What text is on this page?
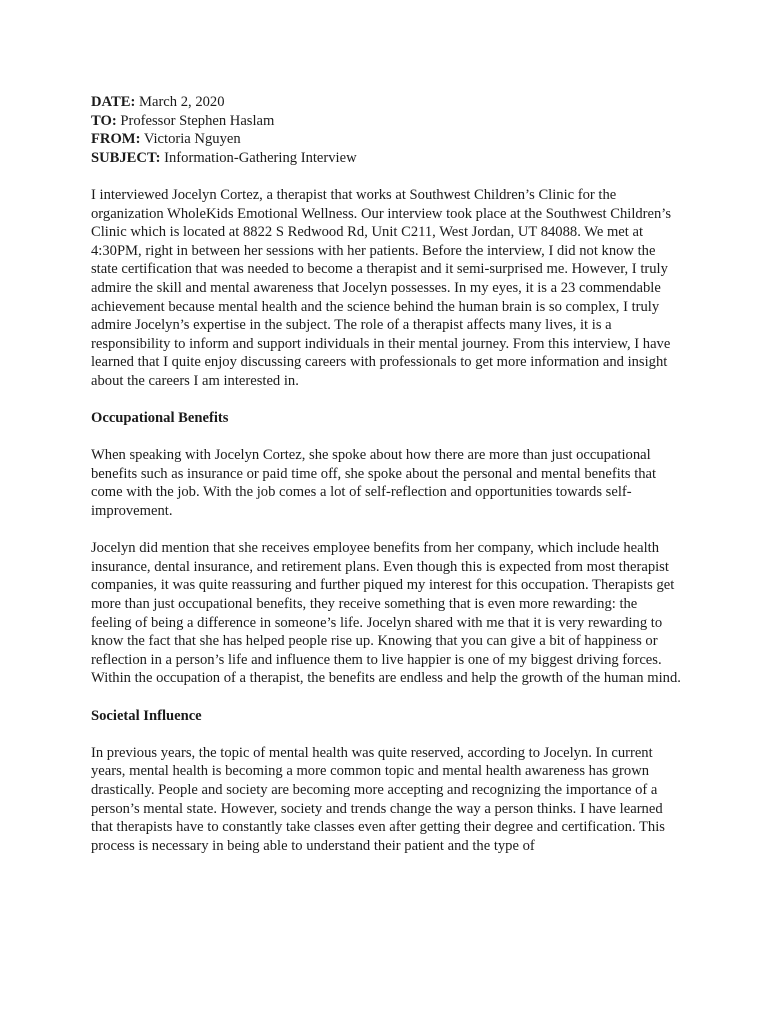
DATE: March 2, 2020
TO: Professor Stephen Haslam
FROM: Victoria Nguyen
SUBJECT: Information-Gathering Interview

I interviewed Jocelyn Cortez, a therapist that works at Southwest Children’s Clinic for the organization WholeKids Emotional Wellness. Our interview took place at the Southwest Children’s Clinic which is located at 8822 S Redwood Rd, Unit C211, West Jordan, UT 84088. We met at 4:30PM, right in between her sessions with her patients. Before the interview, I did not know the state certification that was needed to become a therapist and it semi-surprised me. However, I truly admire the skill and mental awareness that Jocelyn possesses. In my eyes, it is a 23 commendable achievement because mental health and the science behind the human brain is so complex, I truly admire Jocelyn’s expertise in the subject. The role of a therapist affects many lives, it is a responsibility to inform and support individuals in their mental journey. From this interview, I have learned that I quite enjoy discussing careers with professionals to get more information and insight about the careers I am interested in.

Occupational Benefits

When speaking with Jocelyn Cortez, she spoke about how there are more than just occupational benefits such as insurance or paid time off, she spoke about the personal and mental benefits that come with the job. With the job comes a lot of self-reflection and opportunities towards self-improvement.

Jocelyn did mention that she receives employee benefits from her company, which include health insurance, dental insurance, and retirement plans. Even though this is expected from most therapist companies, it was quite reassuring and further piqued my interest for this occupation. Therapists get more than just occupational benefits, they receive something that is even more rewarding: the feeling of being a difference in someone’s life. Jocelyn shared with me that it is very rewarding to know the fact that she has helped people rise up. Knowing that you can give a bit of happiness or reflection in a person’s life and influence them to live happier is one of my biggest driving forces. Within the occupation of a therapist, the benefits are endless and help the growth of the human mind.

Societal Influence

In previous years, the topic of mental health was quite reserved, according to Jocelyn. In current years, mental health is becoming a more common topic and mental health awareness has grown drastically. People and society are becoming more accepting and recognizing the importance of a person’s mental state. However, society and trends change the way a person thinks. I have learned that therapists have to constantly take classes even after getting their degree and certification. This process is necessary in being able to understand their patient and the type of
